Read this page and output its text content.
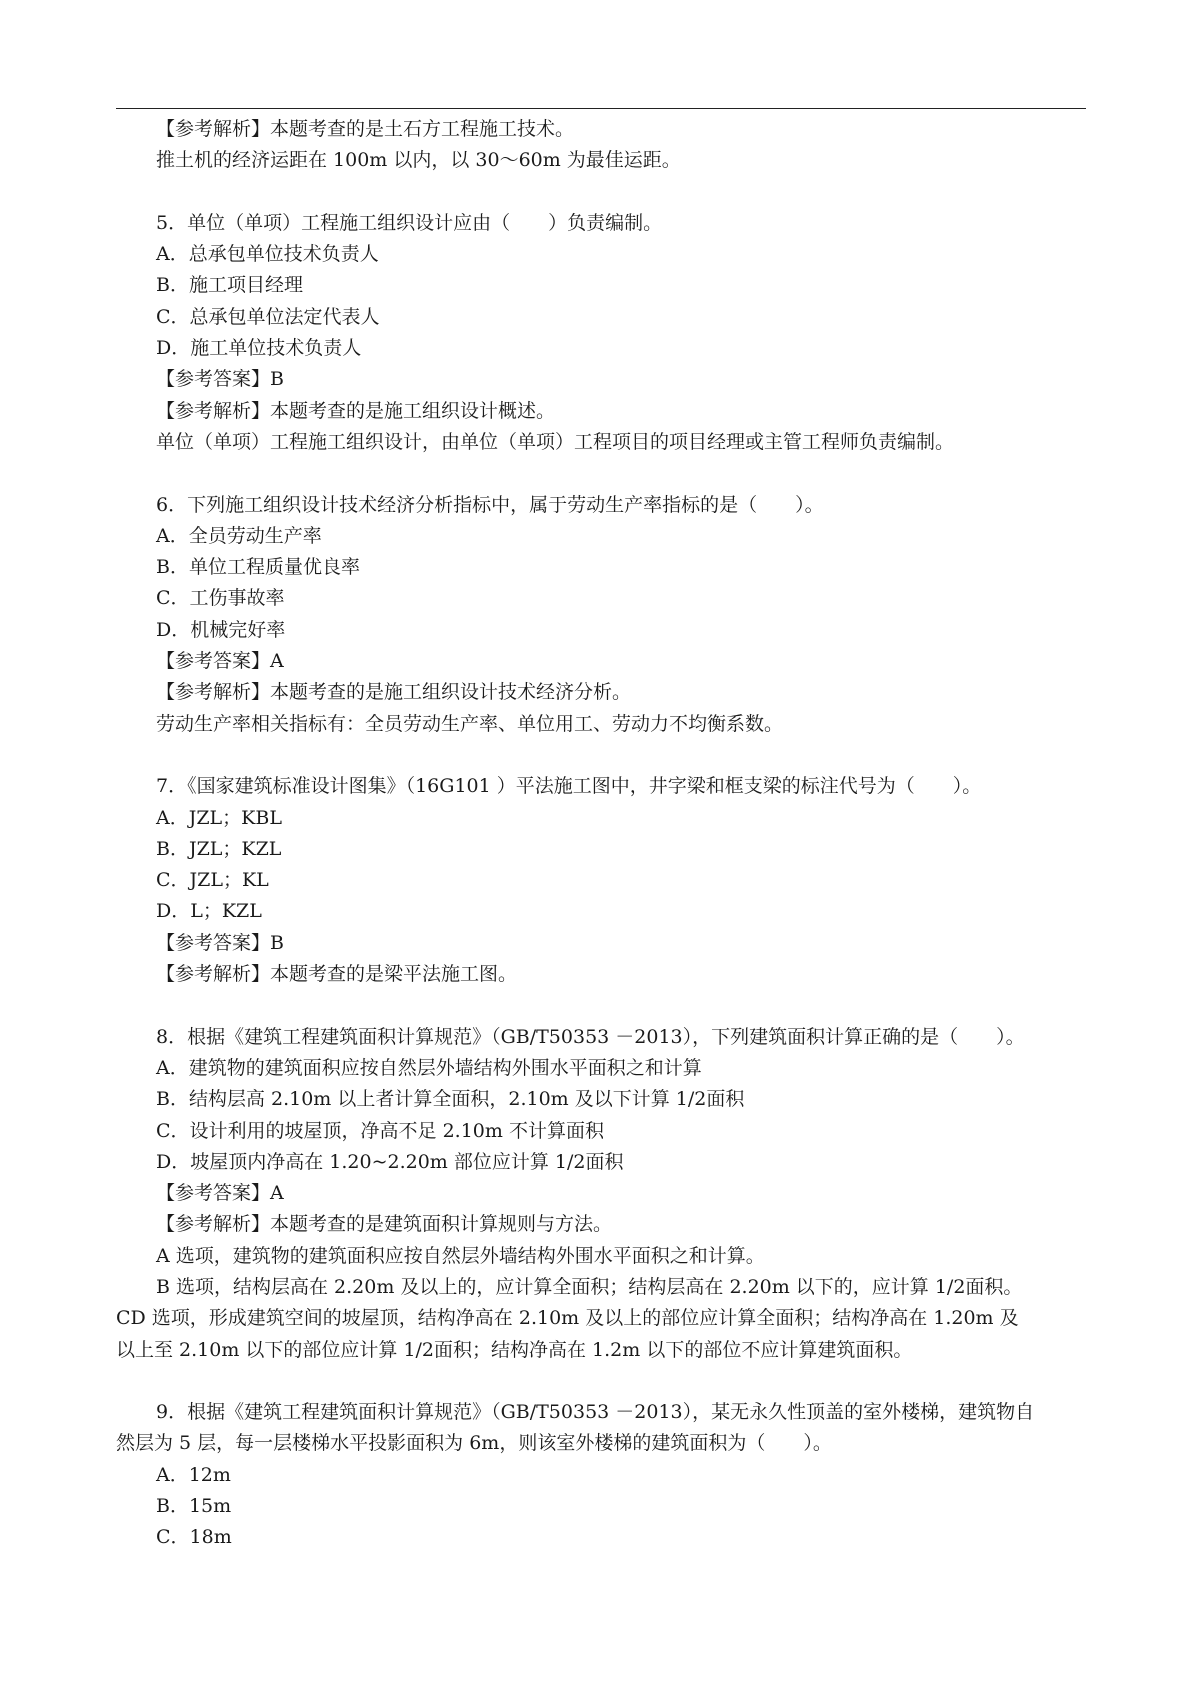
【参考解析】本题考查的是土石方工程施工技术。
推土机的经济运距在 100m 以内，以 30～60m 为最佳运距。
5．单位（单项）工程施工组织设计应由（　　）负责编制。
A．总承包单位技术负责人
B．施工项目经理
C．总承包单位法定代表人
D．施工单位技术负责人
【参考答案】B
【参考解析】本题考查的是施工组织设计概述。
单位（单项）工程施工组织设计，由单位（单项）工程项目的项目经理或主管工程师负责编制。
6．下列施工组织设计技术经济分析指标中，属于劳动生产率指标的是（　　）。
A．全员劳动生产率
B．单位工程质量优良率
C．工伤事故率
D．机械完好率
【参考答案】A
【参考解析】本题考查的是施工组织设计技术经济分析。
劳动生产率相关指标有：全员劳动生产率、单位用工、劳动力不均衡系数。
7．《国家建筑标准设计图集》（16G101 ）平法施工图中，井字梁和框支梁的标注代号为（　　）。
A．JZL；KBL
B．JZL；KZL
C．JZL；KL
D．L；KZL
【参考答案】B
【参考解析】本题考查的是梁平法施工图。
8．根据《建筑工程建筑面积计算规范》（GB/T50353 －2013），下列建筑面积计算正确的是（　　）。
A．建筑物的建筑面积应按自然层外墙结构外围水平面积之和计算
B．结构层高 2.10m 以上者计算全面积，2.10m 及以下计算 1/2面积
C．设计利用的坡屋顶，净高不足 2.10m 不计算面积
D．坡屋顶内净高在 1.20~2.20m 部位应计算 1/2面积
【参考答案】A
【参考解析】本题考查的是建筑面积计算规则与方法。
A 选项，建筑物的建筑面积应按自然层外墙结构外围水平面积之和计算。
B 选项，结构层高在 2.20m 及以上的，应计算全面积；结构层高在 2.20m 以下的，应计算 1/2面积。
CD 选项，形成建筑空间的坡屋顶，结构净高在 2.10m 及以上的部位应计算全面积；结构净高在 1.20m 及
以上至 2.10m 以下的部位应计算 1/2面积；结构净高在 1.2m 以下的部位不应计算建筑面积。
9．根据《建筑工程建筑面积计算规范》（GB/T50353 －2013），某无永久性顶盖的室外楼梯，建筑物自
然层为 5 层，每一层楼梯水平投影面积为 6m，则该室外楼梯的建筑面积为（　　）。
A．12m
B．15m
C．18m
